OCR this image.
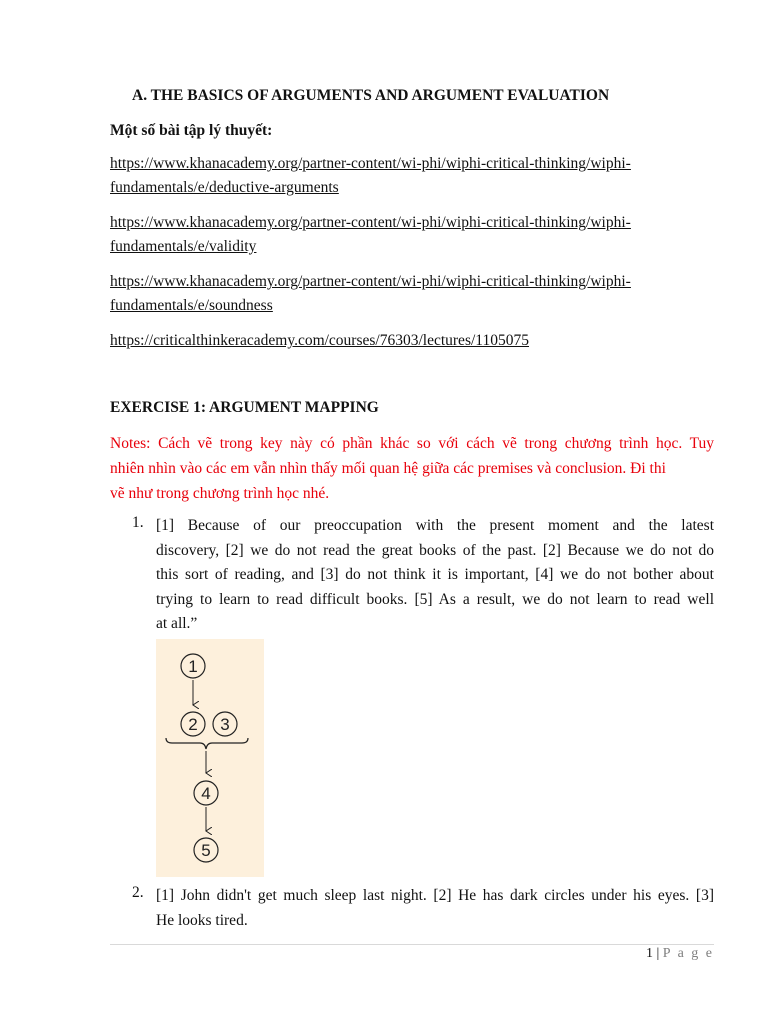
A. THE BASICS OF ARGUMENTS AND ARGUMENT EVALUATION
Một số bài tập lý thuyết:
https://www.khanacademy.org/partner-content/wi-phi/wiphi-critical-thinking/wiphi-
fundamentals/e/deductive-arguments
https://www.khanacademy.org/partner-content/wi-phi/wiphi-critical-thinking/wiphi-
fundamentals/e/validity
https://www.khanacademy.org/partner-content/wi-phi/wiphi-critical-thinking/wiphi-
fundamentals/e/soundness
https://criticalthinkeracademy.com/courses/76303/lectures/1105075
EXERCISE 1: ARGUMENT MAPPING
Notes: Cách vẽ trong key này có phần khác so với cách vẽ trong chương trình học. Tuy
nhiên nhìn vào các em vẫn nhìn thấy mối quan hệ giữa các premises và conclusion. Đi thi
vẽ như trong chương trình học nhé.
1. [1] Because of our preoccupation with the present moment and the latest
discovery, [2] we do not read the great books of the past. [2] Because we do not do
this sort of reading, and [3] do not think it is important, [4] we do not bother about
trying to learn to read difficult books. [5] As a result, we do not learn to read well
at all.”
1
2 3
4
5
2. [1] John didn't get much sleep last night. [2] He has dark circles under his eyes. [3]
He looks tired.
1 | P a g e
